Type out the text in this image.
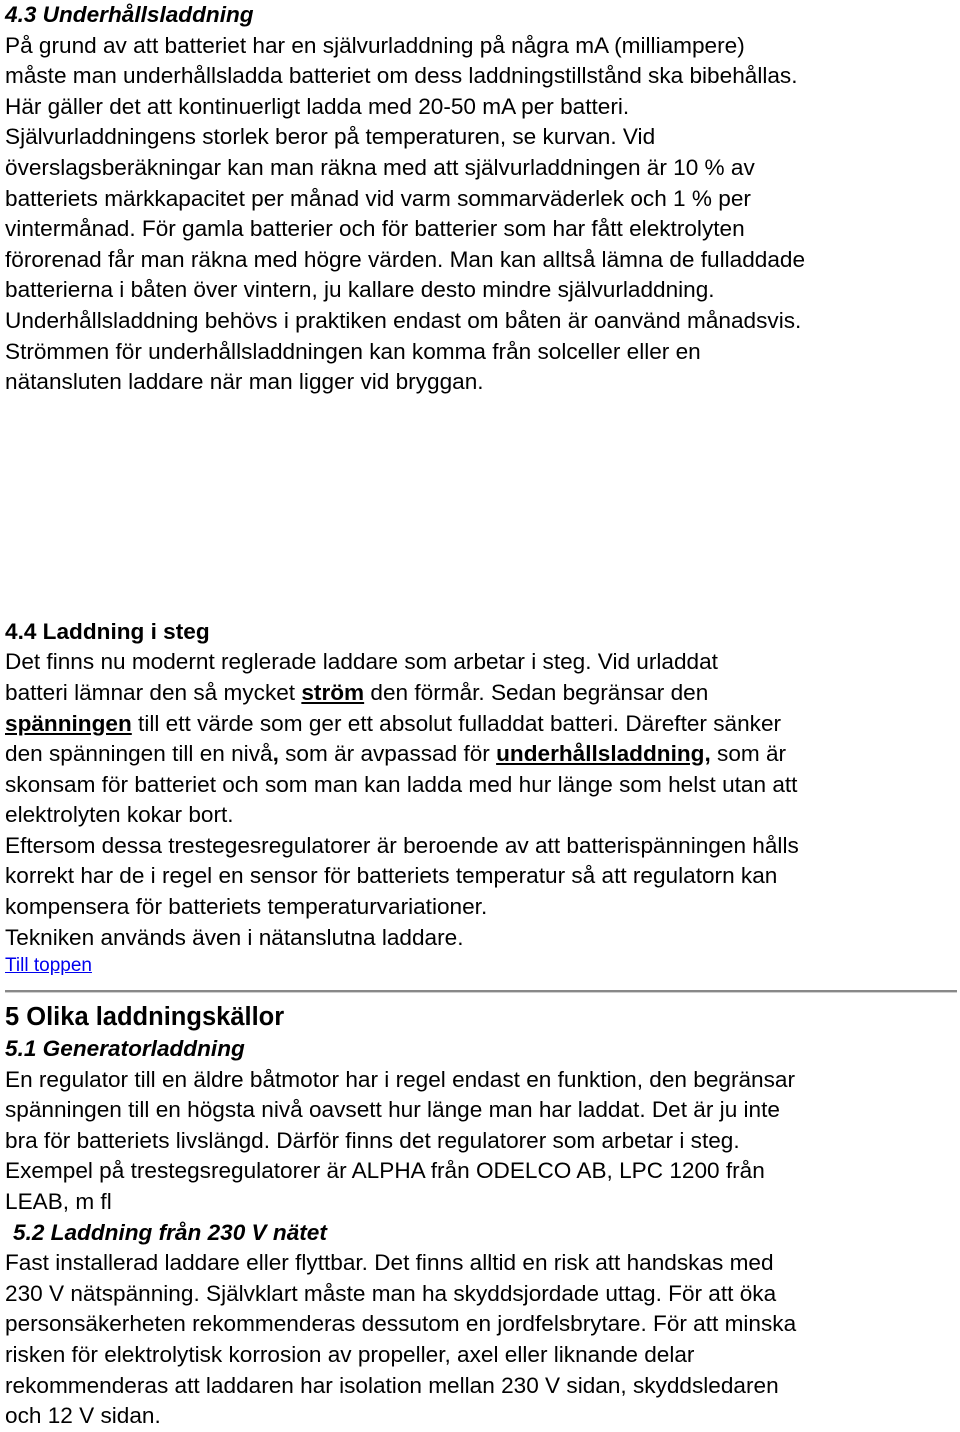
4.3 Underhållsladdning

På grund av att batteriet har en självurladdning på några mA (milliampere)

måste man underhållsladda batteriet om dess laddningstillstånd ska bibehållas.

Här gäller det att kontinuerligt ladda med 20-50 mA per batteri.

Självurladdningens storlek beror på temperaturen, se kurvan. Vid

överslagsberäkningar kan man räkna med att självurladdningen är 10 % av

batteriets märkkapacitet per månad vid varm sommarväderlek och 1 % per

vintermånad. För gamla batterier och för batterier som har fått elektrolyten

förorenad får man räkna med högre värden. Man kan alltså lämna de fulladdade

batterierna i båten över vintern, ju kallare desto mindre självurladdning.

Underhållsladdning behövs i praktiken endast om båten är oanvänd månadsvis.

Strömmen för underhållsladdningen kan komma från solceller eller en

nätansluten laddare när man ligger vid bryggan.

4.4 Laddning i steg

Det finns nu modernt reglerade laddare som arbetar i steg. Vid urladdat

batteri lämnar den så mycket ström den förmår. Sedan begränsar den

spänningen till ett värde som ger ett absolut fulladdat batteri. Därefter sänker

den spänningen till en nivå, som är avpassad för underhållsladdning, som är

skonsam för batteriet och som man kan ladda med hur länge som helst utan att

elektrolyten kokar bort.

Eftersom dessa trestegesregulatorer är beroende av att batterispänningen hålls

korrekt har de i regel en sensor för batteriets temperatur så att regulatorn kan

kompensera för batteriets temperaturvariationer.

Tekniken används även i nätanslutna laddare.

Till toppen

5 Olika laddningskällor

5.1 Generatorladdning

En regulator till en äldre båtmotor har i regel endast en funktion, den begränsar

spänningen till en högsta nivå oavsett hur länge man har laddat. Det är ju inte

bra för batteriets livslängd. Därför finns det regulatorer som arbetar i steg.

Exempel på trestegsregulatorer är ALPHA från ODELCO AB, LPC 1200 från

LEAB, m fl

5.2 Laddning från 230 V nätet

Fast installerad laddare eller flyttbar. Det finns alltid en risk att handskas med

230 V nätspänning. Självklart måste man ha skyddsjordade uttag. För att öka

personsäkerheten rekommenderas dessutom en jordfelsbrytare. För att minska

risken för elektrolytisk korrosion av propeller, axel eller liknande delar

rekommenderas att laddaren har isolation mellan 230 V sidan, skyddsledaren

och 12 V sidan.
